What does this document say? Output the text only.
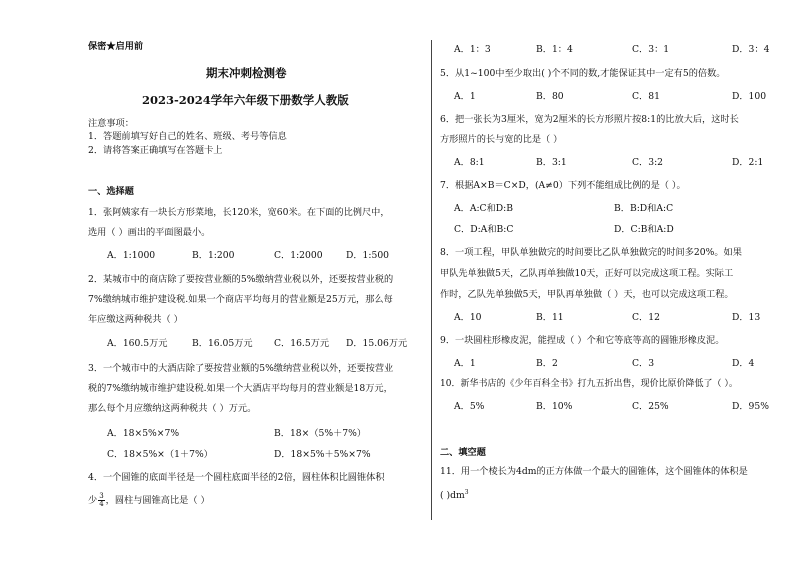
保密★启用前
期末冲刺检测卷
2023-2024学年六年级下册数学人教版
注意事项：
1．答题前填写好自己的姓名、班级、考号等信息
2．请将答案正确填写在答题卡上
一、选择题
1．张阿姨家有一块长方形菜地，长120米，宽60米。在下面的比例尺中，
选用（ ）画出的平面图最小。
A．1:1000	B．1:200	C．1:2000	D．1:500
2．某城市中的商店除了要按营业额的5%缴纳营业税以外，还要按营业税的
7%缴纳城市维护建设税.如果一个商店平均每月的营业额是25万元，那么每
年应缴这两种税共（ ）
A．160.5万元	B．16.05万元 C．16.5万元 D．15.06万元
3．一个城市中的大酒店除了要按营业额的5%缴纳营业税以外，还要按营业
税的7%缴纳城市维护建设税.如果一个大酒店平均每月的营业额是18万元，
那么每个月应缴纳这两种税共（ ）万元。
A．18×5%×7%	B．18×（5%＋7%）
C．18×5%×（1＋7%）	D．18×5%＋5%×7%
4．一个圆锥的底面半径是一个圆柱底面半径的2倍，圆柱体积比圆锥体积
少 $\frac{3}{4}$ ，圆柱与圆锥高比是（ ）
A．1：3	B．1：4	C．3：1	D．3：4
5．从1~100中至少取出( )个不同的数,才能保证其中一定有5的倍数。
A．1	B．80	C．81	D．100
6．把一张长为3厘米，宽为2厘米的长方形照片按8:1的比放大后，这时长
方形照片的长与宽的比是（ ）
A．8:1	B．3:1	C．3:2	D．2:1
7．根据A×B＝C×D，(A≠0）下列不能组成比例的是（ ）。
A．A:C和D:B	B．B:D和A:C
C．D:A和B:C	D．C:B和A:D
8．一项工程，甲队单独做完的时间要比乙队单独做完的时间多20%。如果
甲队先单独做5天，乙队再单独做10天，正好可以完成这项工程。实际工
作时，乙队先单独做5天，甲队再单独做（ ）天，也可以完成这项工程。
A．10	B．11	C．12	D．13
9．一块圆柱形橡皮泥，能捏成（ ）个和它等底等高的圆锥形橡皮泥。
A．1	B．2	C．3	D．4
10．新华书店的《少年百科全书》打九五折出售，现价比原价降低了（ ）。
A．5%	B．10%	C．25%	D．95%
二、填空题
11．用一个棱长为4dm的正方体做一个最大的圆锥体，这个圆锥体的体积是
( )$dm^3$
